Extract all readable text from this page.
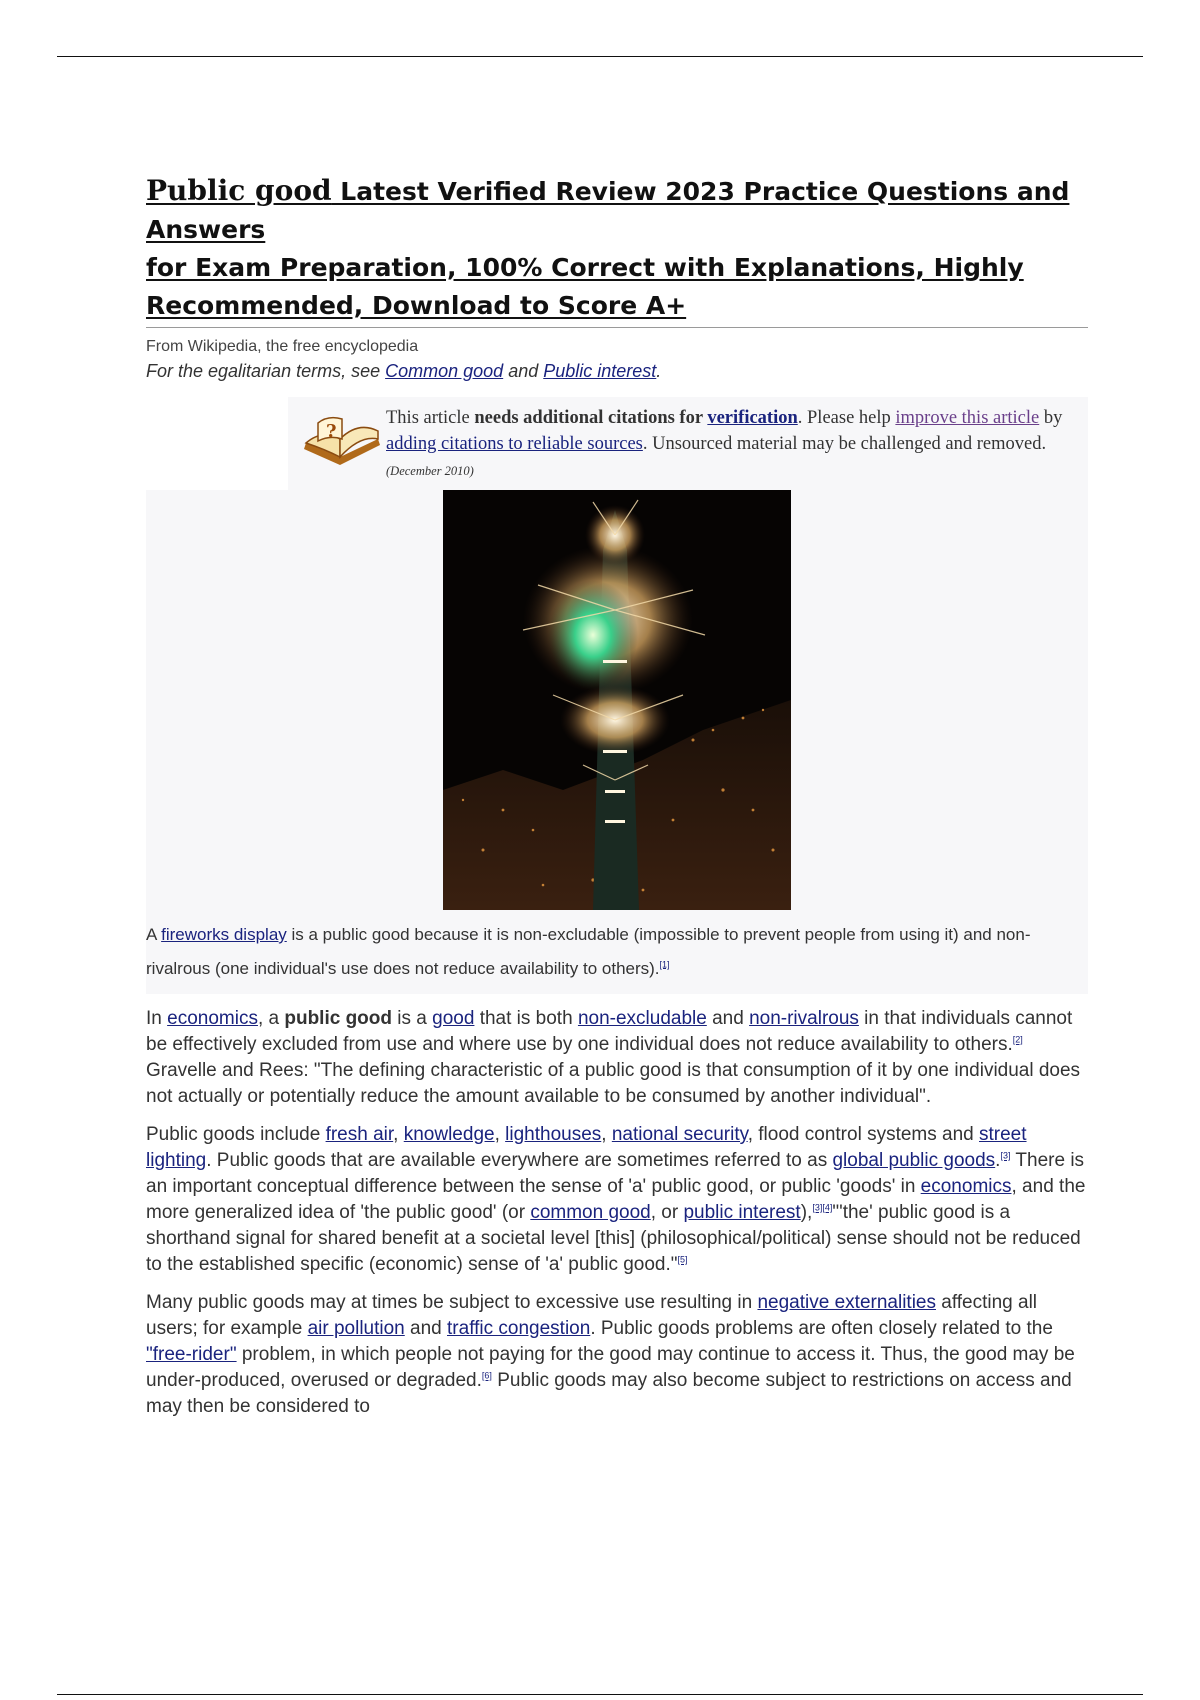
Public good Latest Verified Review 2023 Practice Questions and Answers
for Exam Preparation, 100% Correct with Explanations, Highly
Recommended, Download to Score A+
From Wikipedia, the free encyclopedia
For the egalitarian terms, see Common good and Public interest.
?
This article needs additional citations for verification. Please help improve this article by adding citations to reliable sources. Unsourced material may be challenged and removed. (December 2010)
A fireworks display is a public good because it is non-excludable (impossible to prevent people from using it) and non-rivalrous (one individual's use does not reduce availability to others).[1]

In economics, a public good is a good that is both non-excludable and non-rivalrous in that individuals cannot be effectively excluded from use and where use by one individual does not reduce availability to others.[2] Gravelle and Rees: "The defining characteristic of a public good is that consumption of it by one individual does not actually or potentially reduce the amount available to be consumed by another individual".

Public goods include fresh air, knowledge, lighthouses, national security, flood control systems and street lighting. Public goods that are available everywhere are sometimes referred to as global public goods.[3] There is an important conceptual difference between the sense of 'a' public good, or public 'goods' in economics, and the more generalized idea of 'the public good' (or common good, or public interest),[3][4]"'the' public good is a shorthand signal for shared benefit at a societal level [this] (philosophical/political) sense should not be reduced to the established specific (economic) sense of 'a' public good."[5]

Many public goods may at times be subject to excessive use resulting in negative externalities affecting all users; for example air pollution and traffic congestion. Public goods problems are often closely related to the "free-rider" problem, in which people not paying for the good may continue to access it. Thus, the good may be under-produced, overused or degraded.[6] Public goods may also become subject to restrictions on access and may then be considered to
